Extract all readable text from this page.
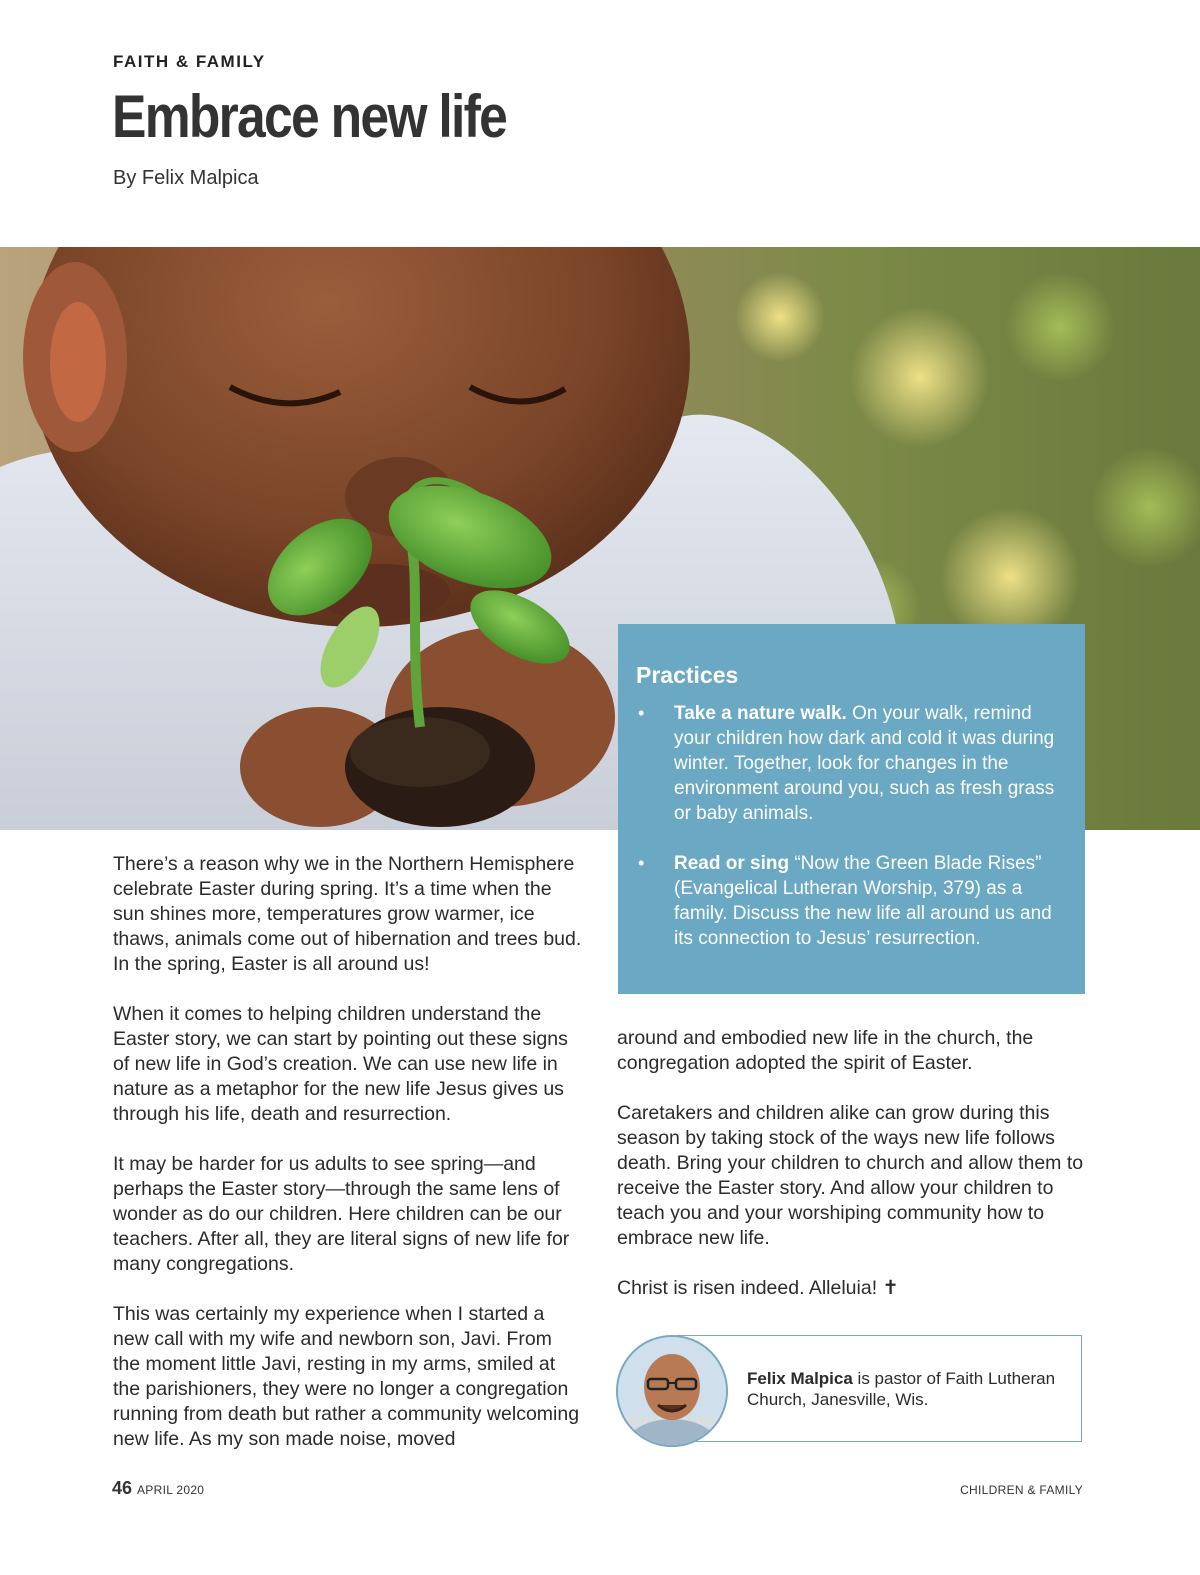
FAITH & FAMILY
Embrace new life
By Felix Malpica
Practices
• Take a nature walk. On your walk, remind your children how dark and cold it was during winter. Together, look for changes in the environment around you, such as fresh grass or baby animals.
• Read or sing “Now the Green Blade Rises” (Evangelical Lutheran Worship, 379) as a family. Discuss the new life all around us and its connection to Jesus’ resurrection.

There’s a reason why we in the Northern Hemisphere celebrate Easter during spring. It’s a time when the sun shines more, temperatures grow warmer, ice thaws, animals come out of hibernation and trees bud. In the spring, Easter is all around us!

When it comes to helping children understand the Easter story, we can start by pointing out these signs of new life in God’s creation. We can use new life in nature as a metaphor for the new life Jesus gives us through his life, death and resurrection.

It may be harder for us adults to see spring—and perhaps the Easter story—through the same lens of wonder as do our children. Here children can be our teachers. After all, they are literal signs of new life for many congregations.

This was certainly my experience when I started a new call with my wife and newborn son, Javi. From the moment little Javi, resting in my arms, smiled at the parishioners, they were no longer a congregation running from death but rather a community welcoming new life. As my son made noise, moved

around and embodied new life in the church, the congregation adopted the spirit of Easter.

Caretakers and children alike can grow during this season by taking stock of the ways new life follows death. Bring your children to church and allow them to receive the Easter story. And allow your children to teach you and your worshiping community how to embrace new life.

Christ is risen indeed. Alleluia! ✝

Felix Malpica is pastor of Faith Lutheran Church, Janesville, Wis.
46 APRIL 2020	CHILDREN & FAMILY
